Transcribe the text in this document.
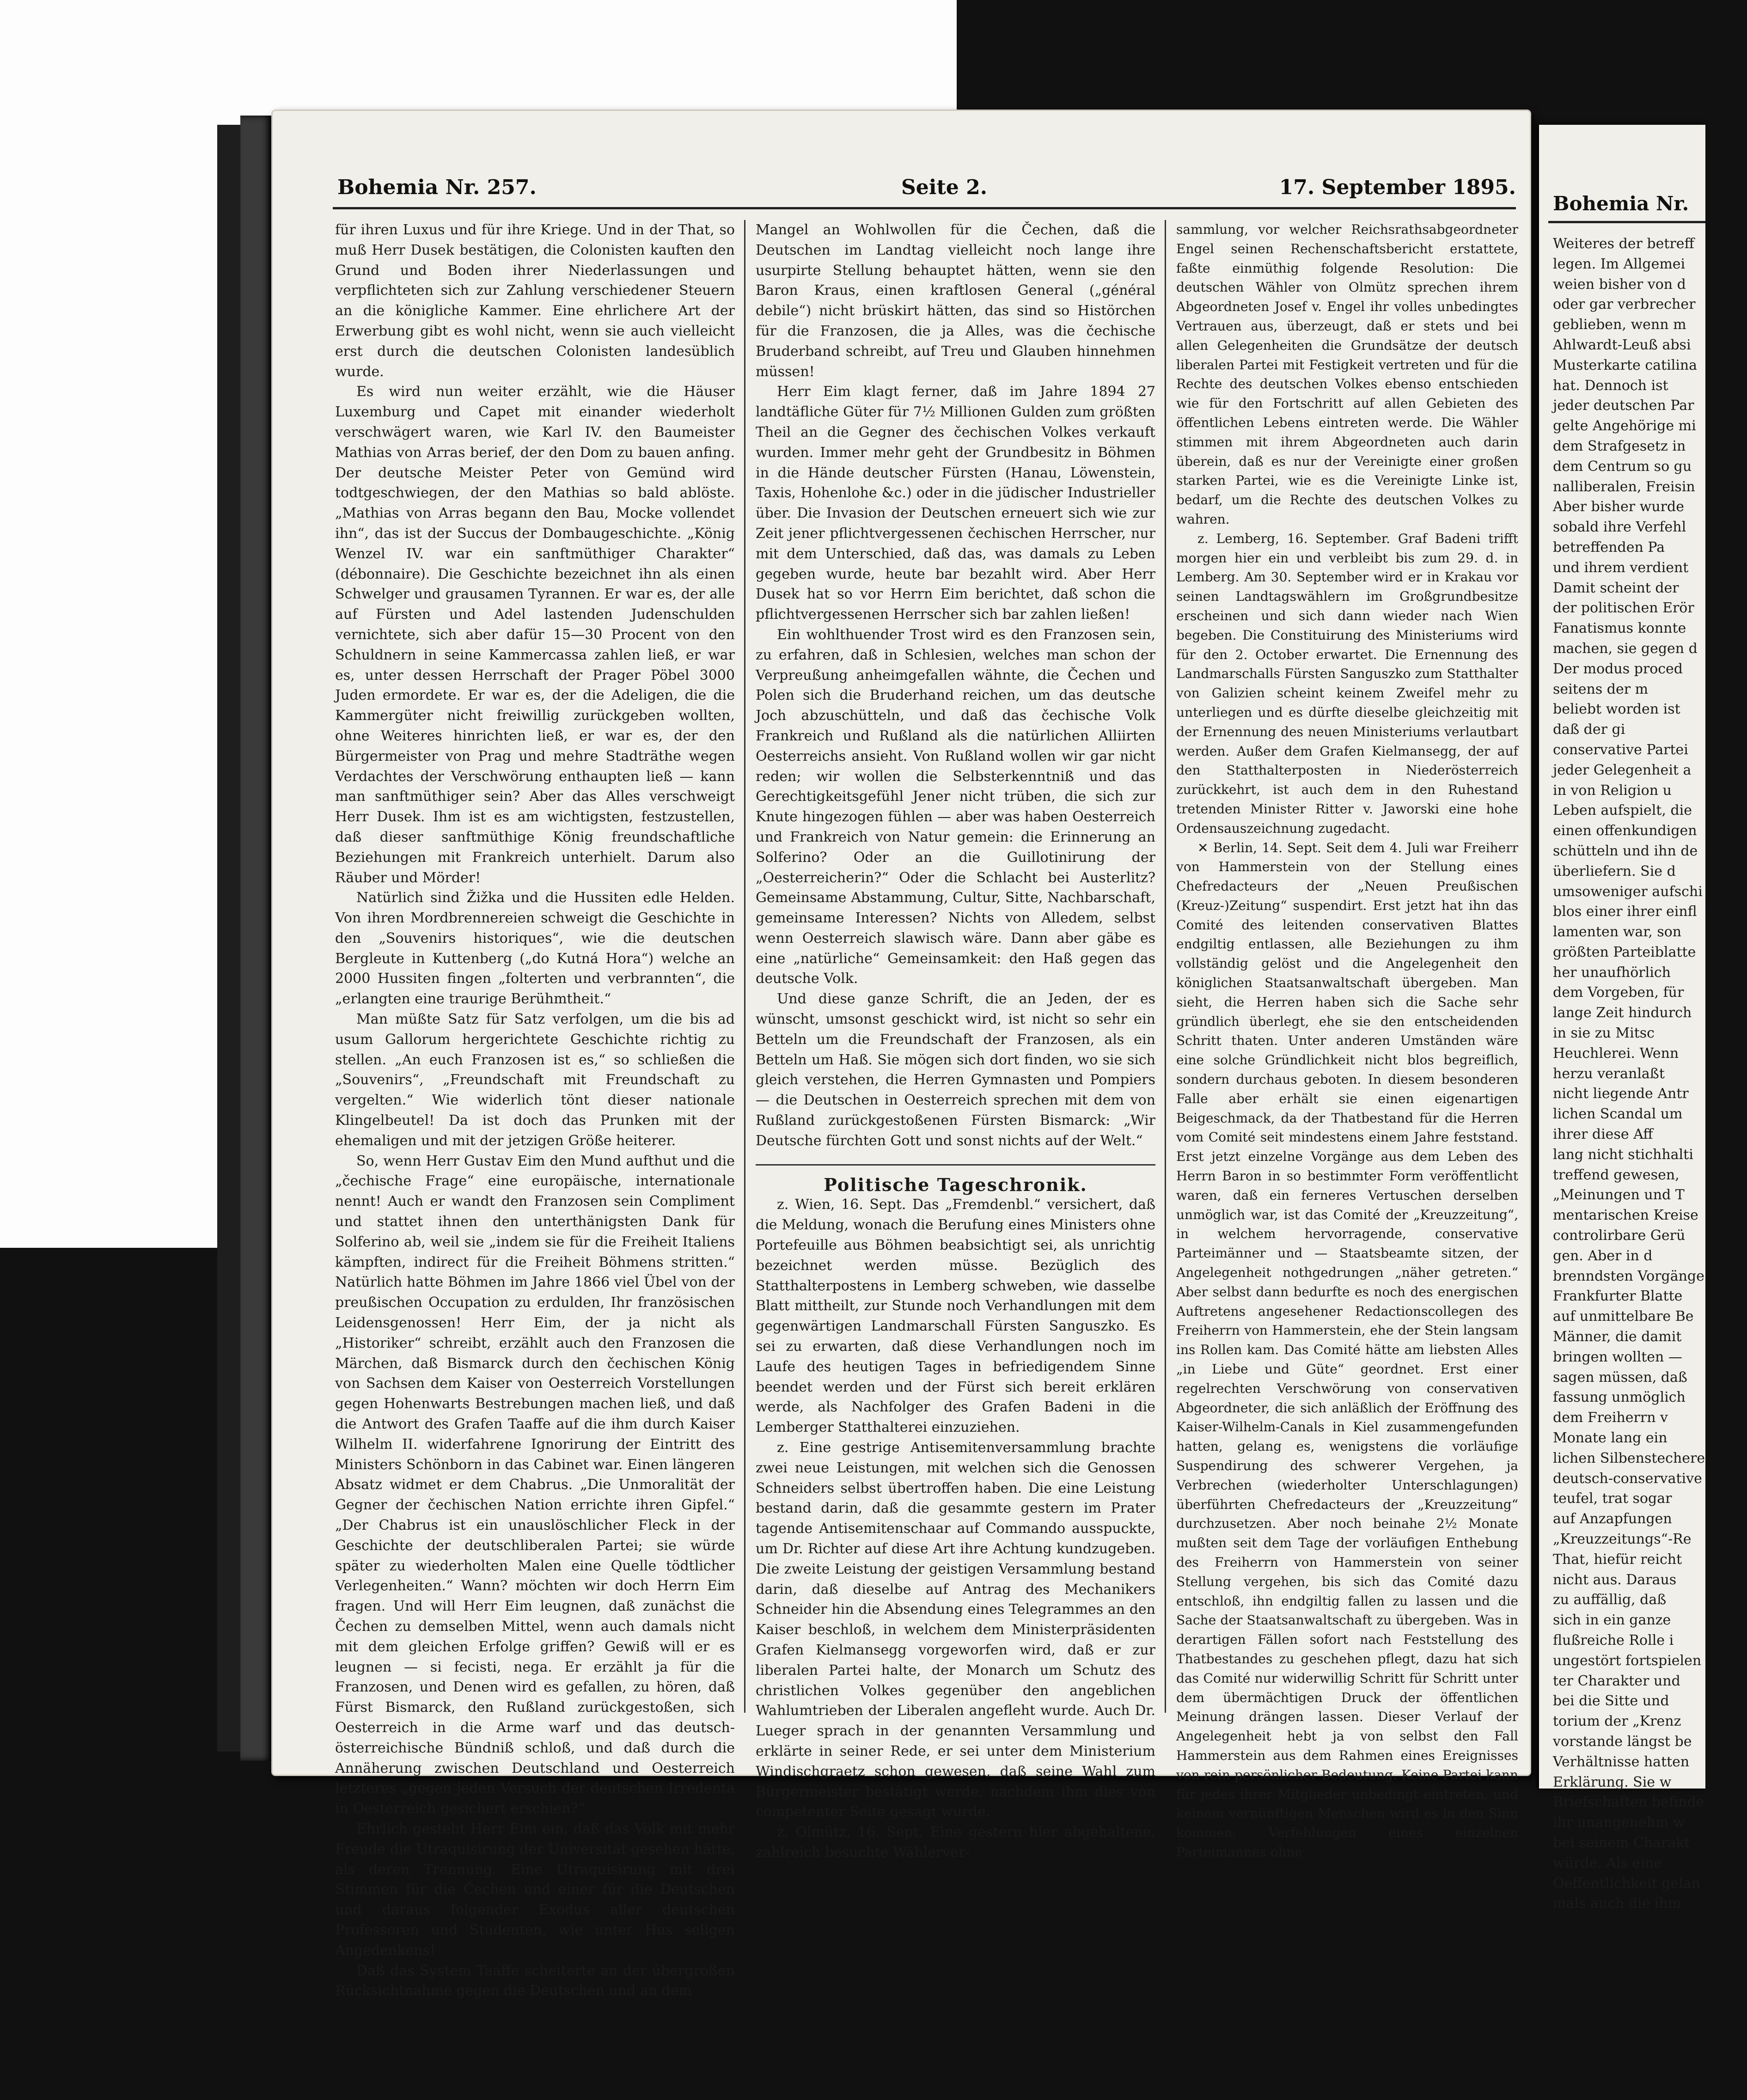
Bohemia Nr. 257.	Seite 2.	17. September 1895.

für ihren Luxus und für ihre Kriege. Und in der That, so muß Herr Dusek bestätigen, die Colonisten kauften den Grund und Boden ihrer Niederlassungen und verpflichteten sich zur Zahlung verschiedener Steuern an die königliche Kammer. Eine ehrlichere Art der Erwerbung gibt es wohl nicht, wenn sie auch vielleicht erst durch die deutschen Colonisten landesüblich wurde.

Es wird nun weiter erzählt, wie die Häuser Luxemburg und Capet mit einander wiederholt verschwägert waren, wie Karl IV. den Baumeister Mathias von Arras berief, der den Dom zu bauen anfing. Der deutsche Meister Peter von Gemünd wird todtgeschwiegen, der den Mathias so bald ablöste. „Mathias von Arras begann den Bau, Mocke vollendet ihn“, das ist der Succus der Dombaugeschichte. „König Wenzel IV. war ein sanftmüthiger Charakter“ (débonnaire). Die Geschichte bezeichnet ihn als einen Schwelger und grausamen Tyrannen. Er war es, der alle auf Fürsten und Adel lastenden Judenschulden vernichtete, sich aber dafür 15—30 Procent von den Schuldnern in seine Kammercassa zahlen ließ, er war es, unter dessen Herrschaft der Prager Pöbel 3000 Juden ermordete. Er war es, der die Adeligen, die die Kammergüter nicht freiwillig zurückgeben wollten, ohne Weiteres hinrichten ließ, er war es, der den Bürgermeister von Prag und mehre Stadträthe wegen Verdachtes der Verschwörung enthaupten ließ — kann man sanftmüthiger sein? Aber das Alles verschweigt Herr Dusek. Ihm ist es am wichtigsten, festzustellen, daß dieser sanftmüthige König freundschaftliche Beziehungen mit Frankreich unterhielt. Darum also Räuber und Mörder!

Natürlich sind Žižka und die Hussiten edle Helden. Von ihren Mordbrennereien schweigt die Geschichte in den „Souvenirs historiques“, wie die deutschen Bergleute in Kuttenberg („do Kutná Hora“) welche an 2000 Hussiten fingen „folterten und verbrannten“, die „erlangten eine traurige Berühmtheit.“

Man müßte Satz für Satz verfolgen, um die bis ad usum Gallorum hergerichtete Geschichte richtig zu stellen. „An euch Franzosen ist es,“ so schließen die „Souvenirs“, „Freundschaft mit Freundschaft zu vergelten.“ Wie widerlich tönt dieser nationale Klingelbeutel! Da ist doch das Prunken mit der ehemaligen und mit der jetzigen Größe heiterer.

So, wenn Herr Gustav Eim den Mund aufthut und die „čechische Frage“ eine europäische, internationale nennt! Auch er wandt den Franzosen sein Compliment und stattet ihnen den unterthänigsten Dank für Solferino ab, weil sie „indem sie für die Freiheit Italiens kämpften, indirect für die Freiheit Böhmens stritten.“ Natürlich hatte Böhmen im Jahre 1866 viel Übel von der preußischen Occupation zu erdulden, Ihr französischen Leidensgenossen! Herr Eim, der ja nicht als „Historiker“ schreibt, erzählt auch den Franzosen die Märchen, daß Bismarck durch den čechischen König von Sachsen dem Kaiser von Oesterreich Vorstellungen gegen Hohenwarts Bestrebungen machen ließ, und daß die Antwort des Grafen Taaffe auf die ihm durch Kaiser Wilhelm II. widerfahrene Ignorirung der Eintritt des Ministers Schönborn in das Cabinet war. Einen längeren Absatz widmet er dem Chabrus. „Die Unmoralität der Gegner der čechischen Nation errichte ihren Gipfel.“ „Der Chabrus ist ein unauslöschlicher Fleck in der Geschichte der deutschliberalen Partei; sie würde später zu wiederholten Malen eine Quelle tödtlicher Verlegenheiten.“ Wann? möchten wir doch Herrn Eim fragen. Und will Herr Eim leugnen, daß zunächst die Čechen zu demselben Mittel, wenn auch damals nicht mit dem gleichen Erfolge griffen? Gewiß will er es leugnen — si fecisti, nega. Er erzählt ja für die Franzosen, und Denen wird es gefallen, zu hören, daß Fürst Bismarck, den Rußland zurückgestoßen, sich Oesterreich in die Arme warf und das deutsch-österreichische Bündniß schloß, und daß durch die Annäherung zwischen Deutschland und Oesterreich letzteres „gegen jeden Versuch der deutschen Irredenta in Oesterreich gesichert erschien?“

Ehrlich gesteht Herr Eim ein, daß das Volk mit mehr Freude die Utraquisirung der Universität gesehen hätte, als deren Trennung. Eine Utraquisirung mit drei Stimmen für die Čechen und einer für die Deutschen und daraus folgender Exodus aller deutschen Professoren und Studenten, wie unter Hus seligen Angedenkens!

Daß das System Taaffe scheiterte an der übergroßen Rücksichtnahme gegen die Deutschen und an dem

Mangel an Wohlwollen für die Čechen, daß die Deutschen im Landtag vielleicht noch lange ihre usurpirte Stellung behauptet hätten, wenn sie den Baron Kraus, einen kraftlosen General („général debile“) nicht brüskirt hätten, das sind so Histörchen für die Franzosen, die ja Alles, was die čechische Bruderband schreibt, auf Treu und Glauben hinnehmen müssen!

Herr Eim klagt ferner, daß im Jahre 1894 27 landtäfliche Güter für 7½ Millionen Gulden zum größten Theil an die Gegner des čechischen Volkes verkauft wurden. Immer mehr geht der Grundbesitz in Böhmen in die Hände deutscher Fürsten (Hanau, Löwenstein, Taxis, Hohenlohe &c.) oder in die jüdischer Industrieller über. Die Invasion der Deutschen erneuert sich wie zur Zeit jener pflichtvergessenen čechischen Herrscher, nur mit dem Unterschied, daß das, was damals zu Leben gegeben wurde, heute bar bezahlt wird. Aber Herr Dusek hat so vor Herrn Eim berichtet, daß schon die pflichtvergessenen Herrscher sich bar zahlen ließen!

Ein wohlthuender Trost wird es den Franzosen sein, zu erfahren, daß in Schlesien, welches man schon der Verpreußung anheimgefallen wähnte, die Čechen und Polen sich die Bruderhand reichen, um das deutsche Joch abzuschütteln, und daß das čechische Volk Frankreich und Rußland als die natürlichen Alliirten Oesterreichs ansieht. Von Rußland wollen wir gar nicht reden; wir wollen die Selbsterkenntniß und das Gerechtigkeitsgefühl Jener nicht trüben, die sich zur Knute hingezogen fühlen — aber was haben Oesterreich und Frankreich von Natur gemein: die Erinnerung an Solferino? Oder an die Guillotinirung der „Oesterreicherin?“ Oder die Schlacht bei Austerlitz? Gemeinsame Abstammung, Cultur, Sitte, Nachbarschaft, gemeinsame Interessen? Nichts von Alledem, selbst wenn Oesterreich slawisch wäre. Dann aber gäbe es eine „natürliche“ Gemeinsamkeit: den Haß gegen das deutsche Volk.

Und diese ganze Schrift, die an Jeden, der es wünscht, umsonst geschickt wird, ist nicht so sehr ein Betteln um die Freundschaft der Franzosen, als ein Betteln um Haß. Sie mögen sich dort finden, wo sie sich gleich verstehen, die Herren Gymnasten und Pompiers — die Deutschen in Oesterreich sprechen mit dem von Rußland zurückgestoßenen Fürsten Bismarck: „Wir Deutsche fürchten Gott und sonst nichts auf der Welt.“

Politische Tageschronik.

z. Wien, 16. Sept. Das „Fremdenbl.“ versichert, daß die Meldung, wonach die Berufung eines Ministers ohne Portefeuille aus Böhmen beabsichtigt sei, als unrichtig bezeichnet werden müsse. Bezüglich des Statthalterpostens in Lemberg schweben, wie dasselbe Blatt mittheilt, zur Stunde noch Verhandlungen mit dem gegenwärtigen Landmarschall Fürsten Sanguszko. Es sei zu erwarten, daß diese Verhandlungen noch im Laufe des heutigen Tages in befriedigendem Sinne beendet werden und der Fürst sich bereit erklären werde, als Nachfolger des Grafen Badeni in die Lemberger Statthalterei einzuziehen.

z. Eine gestrige Antisemitenversammlung brachte zwei neue Leistungen, mit welchen sich die Genossen Schneiders selbst übertroffen haben. Die eine Leistung bestand darin, daß die gesammte gestern im Prater tagende Antisemitenschaar auf Commando ausspuckte, um Dr. Richter auf diese Art ihre Achtung kundzugeben. Die zweite Leistung der geistigen Versammlung bestand darin, daß dieselbe auf Antrag des Mechanikers Schneider hin die Absendung eines Telegrammes an den Kaiser beschloß, in welchem dem Ministerpräsidenten Grafen Kielmansegg vorgeworfen wird, daß er zur liberalen Partei halte, der Monarch um Schutz des christlichen Volkes gegenüber den angeblichen Wahlumtrieben der Liberalen angefleht wurde. Auch Dr. Lueger sprach in der genannten Versammlung und erklärte in seiner Rede, er sei unter dem Ministerium Windischgraetz schon gewesen, daß seine Wahl zum Bürgermeister bestätigt werde, nachdem ihm dies von competenter Seite gesagt wurde.

z. Olmütz, 16. Sept. Eine gestern hier abgehaltene, zahlreich besuchte Wählerver-

sammlung, vor welcher Reichsrathsabgeordneter Engel seinen Rechenschaftsbericht erstattete, faßte einmüthig folgende Resolution: Die deutschen Wähler von Olmütz sprechen ihrem Abgeordneten Josef v. Engel ihr volles unbedingtes Vertrauen aus, überzeugt, daß er stets und bei allen Gelegenheiten die Grundsätze der deutsch liberalen Partei mit Festigkeit vertreten und für die Rechte des deutschen Volkes ebenso entschieden wie für den Fortschritt auf allen Gebieten des öffentlichen Lebens eintreten werde. Die Wähler stimmen mit ihrem Abgeordneten auch darin überein, daß es nur der Vereinigte einer großen starken Partei, wie es die Vereinigte Linke ist, bedarf, um die Rechte des deutschen Volkes zu wahren.

z. Lemberg, 16. September. Graf Badeni trifft morgen hier ein und verbleibt bis zum 29. d. in Lemberg. Am 30. September wird er in Krakau vor seinen Landtagswählern im Großgrundbesitze erscheinen und sich dann wieder nach Wien begeben. Die Constituirung des Ministeriums wird für den 2. October erwartet. Die Ernennung des Landmarschalls Fürsten Sanguszko zum Statthalter von Galizien scheint keinem Zweifel mehr zu unterliegen und es dürfte dieselbe gleichzeitig mit der Ernennung des neuen Ministeriums verlautbart werden. Außer dem Grafen Kielmansegg, der auf den Statthalterposten in Niederösterreich zurückkehrt, ist auch dem in den Ruhestand tretenden Minister Ritter v. Jaworski eine hohe Ordensauszeichnung zugedacht.

✕ Berlin, 14. Sept. Seit dem 4. Juli war Freiherr von Hammerstein von der Stellung eines Chefredacteurs der „Neuen Preußischen (Kreuz-)Zeitung“ suspendirt. Erst jetzt hat ihn das Comité des leitenden conservativen Blattes endgiltig entlassen, alle Beziehungen zu ihm vollständig gelöst und die Angelegenheit den königlichen Staatsanwaltschaft übergeben. Man sieht, die Herren haben sich die Sache sehr gründlich überlegt, ehe sie den entscheidenden Schritt thaten. Unter anderen Umständen wäre eine solche Gründlichkeit nicht blos begreiflich, sondern durchaus geboten. In diesem besonderen Falle aber erhält sie einen eigenartigen Beigeschmack, da der Thatbestand für die Herren vom Comité seit mindestens einem Jahre feststand. Erst jetzt einzelne Vorgänge aus dem Leben des Herrn Baron in so bestimmter Form veröffentlicht waren, daß ein ferneres Vertuschen derselben unmöglich war, ist das Comité der „Kreuzzeitung“, in welchem hervorragende, conservative Parteimänner und — Staatsbeamte sitzen, der Angelegenheit nothgedrungen „näher getreten.“ Aber selbst dann bedurfte es noch des energischen Auftretens angesehener Redactionscollegen des Freiherrn von Hammerstein, ehe der Stein langsam ins Rollen kam. Das Comité hätte am liebsten Alles „in Liebe und Güte“ geordnet. Erst einer regelrechten Verschwörung von conservativen Abgeordneter, die sich anläßlich der Eröffnung des Kaiser-Wilhelm-Canals in Kiel zusammengefunden hatten, gelang es, wenigstens die vorläufige Suspendirung des schwerer Vergehen, ja Verbrechen (wiederholter Unterschlagungen) überführten Chefredacteurs der „Kreuzzeitung“ durchzusetzen. Aber noch beinahe 2½ Monate mußten seit dem Tage der vorläufigen Enthebung des Freiherrn von Hammerstein von seiner Stellung vergehen, bis sich das Comité dazu entschloß, ihn endgiltig fallen zu lassen und die Sache der Staatsanwaltschaft zu übergeben. Was in derartigen Fällen sofort nach Feststellung des Thatbestandes zu geschehen pflegt, dazu hat sich das Comité nur widerwillig Schritt für Schritt unter dem übermächtigen Druck der öffentlichen Meinung drängen lassen. Dieser Verlauf der Angelegenheit hebt ja von selbst den Fall Hammerstein aus dem Rahmen eines Ereignisses von rein persönlicher Bedeutung. Keine Partei kann für jedes ihrer Mitglieder unbedingt eintreten, und keinem vernünftigen Menschen wird es in den Sinn kommen, Verfehlungen eines einzelnen Parteimannes ohne

Bohemia Nr.
Weiteres der betreff
legen. Im Allgemei
weien bisher von d
oder gar verbrecher
geblieben, wenn m
Ahlwardt-Leuß absi
Musterkarte catilina
hat. Dennoch ist
jeder deutschen Par
gelte Angehörige mi
dem Strafgesetz in
dem Centrum so gu
nalliberalen, Freisin
Aber bisher wurde
sobald ihre Verfehl
betreffenden Pa
und ihrem verdient
Damit scheint der
der politischen Erör
Fanatismus konnte
machen, sie gegen d
Der modus proced
seitens der m
beliebt worden ist
daß der gi
conservative Partei
jeder Gelegenheit a
in von Religion u
Leben aufspielt, die
einen offenkundigen
schütteln und ihn de
überliefern. Sie d
umsoweniger aufschi
blos einer ihrer einfl
lamenten war, son
größten Parteiblatte
her unaufhörlich
dem Vorgeben, für
lange Zeit hindurch
in sie zu Mitsc
Heuchlerei. Wenn
herzu veranlaßt
nicht liegende Antr
lichen Scandal um
ihrer diese Aff
lang nicht stichhalti
treffend gewesen,
„Meinungen und T
mentarischen Kreise
controlirbare Gerü
gen. Aber in d
brenndsten Vorgänge
Frankfurter Blatte
auf unmittelbare Be
Männer, die damit
bringen wollten —
sagen müssen, daß
fassung unmöglich
dem Freiherrn v
Monate lang ein
lichen Silbenstechere
deutsch-conservative
teufel, trat sogar
auf Anzapfungen
„Kreuzzeitungs“-Re
That, hiefür reicht
nicht aus. Daraus
zu auffällig, daß
sich in ein ganze
flußreiche Rolle i
ungestört fortspielen
ter Charakter und
bei die Sitte und
torium der „Krenz
vorstande längst be
Verhältnisse hatten
Erklärung. Sie w
Briefschaften befinde
ihr unangenehm w
bei seinem Charakt
würde. Als eine
Oeffentlichkeit gelan
mals auch die ihm
